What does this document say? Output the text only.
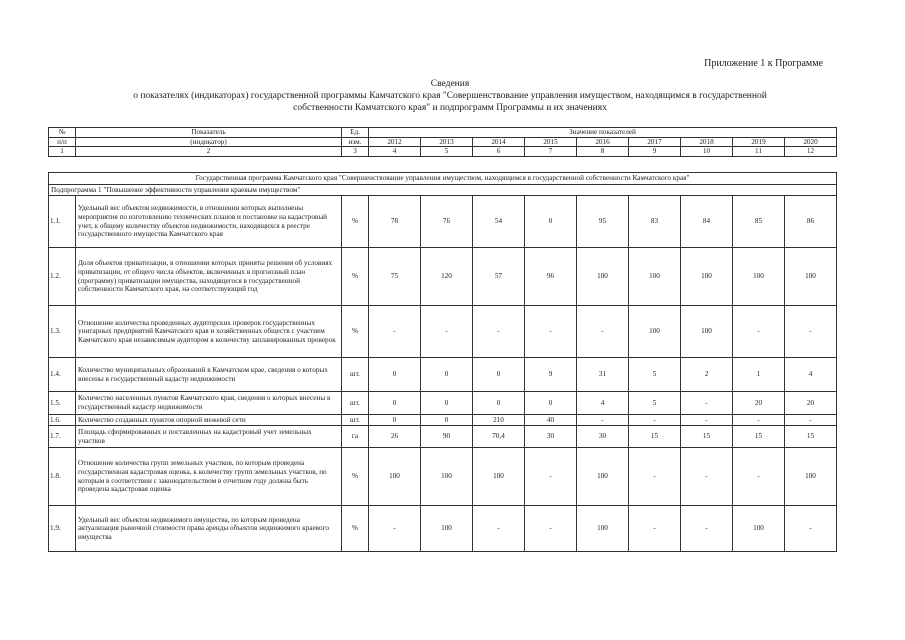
Приложение 1 к Программе
Сведения
о показателях (индикаторах) государственной программы Камчатского края "Совершенствование управления имуществом, находящимся в государственной
собственности Камчатского края" и подпрограмм Программы и их значениях
№	Показатель	Ед.	Значение показателей								
п/п	(индикатор)	изм.	2012	2013	2014	2015	2016	2017	2018	2019	2020
1	2	3	4	5	6	7	8	9	10	11	12
Государственная программа Камчатского края "Совершенствование управления имуществом, находящимся в государственной собственности Камчатского края"											
Подпрограмма 1 "Повышение эффективности управления краевым имуществом"											
1.1.	Удельный вес объектов недвижимости, в отношении которых выполнены мероприятия по изготовлению технических планов и постановке на кадастровый учет, к общему количеству объектов недвижимости, находящихся в реестре государственного имущества Камчатского края	%	78	76	54	0	95	83	84	85	86
1.2.	Доля объектов приватизации, в отношении которых приняты решения об условиях приватизации, от общего числа объектов, включенных в прогнозный план (программу) приватизации имущества, находящегося в государственной собственности Камчатского края, на соответствующий год	%	75	120	57	96	100	100	100	100	100
1.3.	Отношение количества проведенных аудиторских проверок государственных унитарных предприятий Камчатского края и хозяйственных обществ с участием Камчатского края независимым аудитором к количеству запланированных проверок	%	-	-	-	-	-	100	100	-	-
1.4.	Количество муниципальных образований в Камчатском крае, сведения о которых внесены в государственный кадастр недвижимости	шт.	0	0	0	9	31	5	2	1	4
1.5.	Количество населенных пунктов Камчатского края, сведения о которых внесены в государственный кадастр недвижимости	шт.	0	0	0	0	4	5	-	20	20
1.6.	Количество созданных пунктов опорной межевой сети	шт.	0	0	210	40	-	-	-	-	-
1.7.	Площадь сформированных и поставленных на кадастровый учет земельных участков	га	26	90	70,4	30	30	15	15	15	15
1.8.	Отношение количества групп земельных участков, по которым проведена государственная кадастровая оценка, к количеству групп земельных участков, по которым в соответствии с законодательством в отчетном году должна быть проведена кадастровая оценка	%	100	100	100	-	100	-	-	-	100
1.9.	Удельный вес объектов недвижимого имущества, по которым проведена актуализация рыночной стоимости права аренды объектов недвижимого краевого имущества	%	-	100	-	-	100	-	-	100	-
